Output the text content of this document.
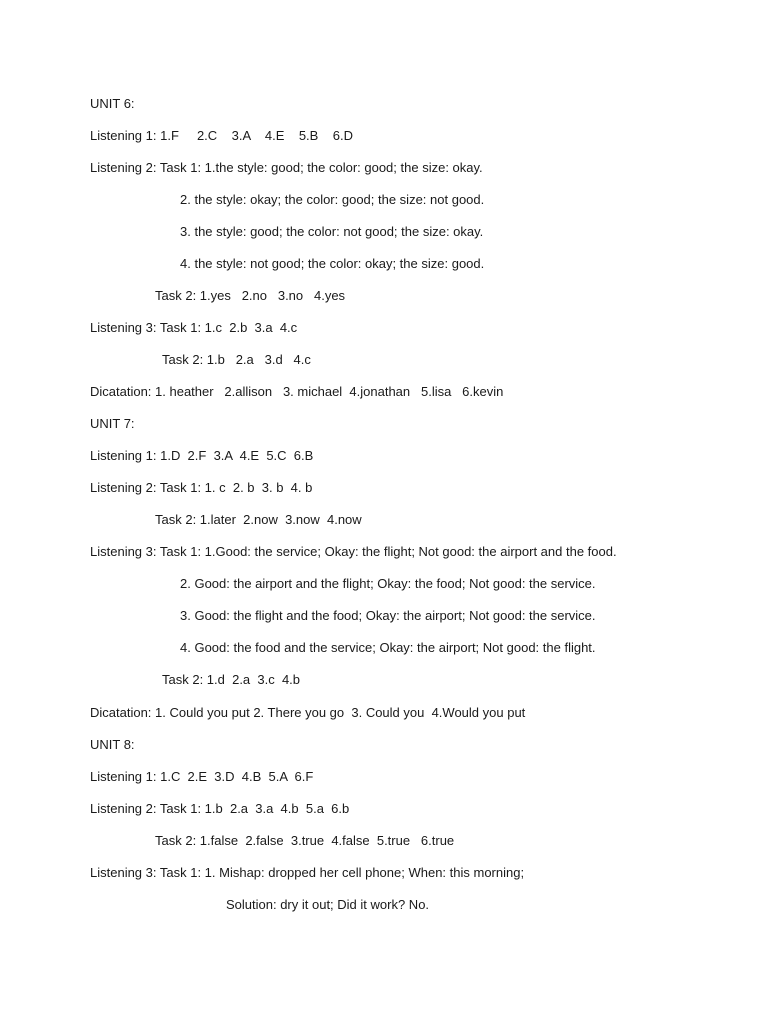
UNIT 6:
Listening 1: 1.F     2.C    3.A    4.E    5.B    6.D
Listening 2: Task 1: 1.the style: good; the color: good; the size: okay.
2. the style: okay; the color: good; the size: not good.
3. the style: good; the color: not good; the size: okay.
4. the style: not good; the color: okay; the size: good.
Task 2: 1.yes   2.no   3.no   4.yes
Listening 3: Task 1: 1.c  2.b  3.a  4.c
Task 2: 1.b   2.a   3.d   4.c
Dicatation: 1. heather   2.allison   3. michael  4.jonathan   5.lisa   6.kevin
UNIT 7:
Listening 1: 1.D  2.F  3.A  4.E  5.C  6.B
Listening 2: Task 1: 1. c  2. b  3. b  4. b
Task 2: 1.later  2.now  3.now  4.now
Listening 3: Task 1: 1.Good: the service; Okay: the flight; Not good: the airport and the food.
2. Good: the airport and the flight; Okay: the food; Not good: the service.
3. Good: the flight and the food; Okay: the airport; Not good: the service.
4. Good: the food and the service; Okay: the airport; Not good: the flight.
Task 2: 1.d  2.a  3.c  4.b
Dicatation: 1. Could you put 2. There you go  3. Could you  4.Would you put
UNIT 8:
Listening 1: 1.C  2.E  3.D  4.B  5.A  6.F
Listening 2: Task 1: 1.b  2.a  3.a  4.b  5.a  6.b
Task 2: 1.false  2.false  3.true  4.false  5.true   6.true
Listening 3: Task 1: 1. Mishap: dropped her cell phone; When: this morning;
Solution: dry it out; Did it work? No.
